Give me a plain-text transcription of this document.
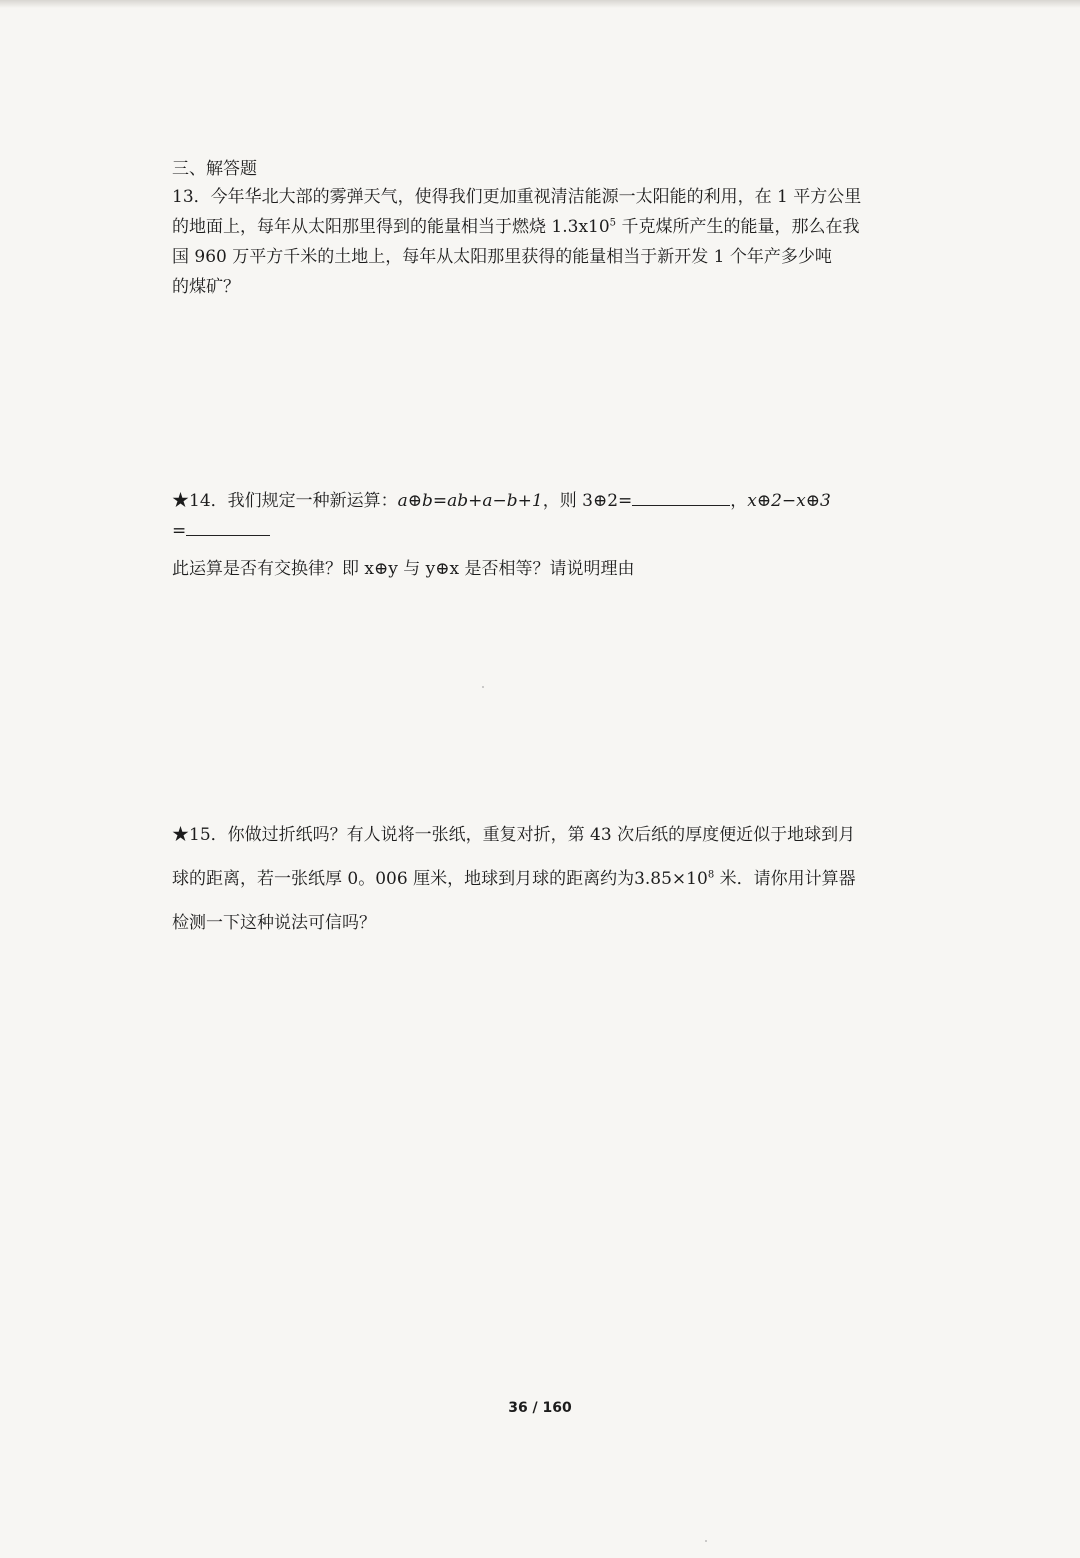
三、解答题
13．今年华北大部的雾弹天气，使得我们更加重视清洁能源一太阳能的利用，在 1 平方公里
的地面上，每年从太阳那里得到的能量相当于燃烧 $1.3x10^5$ 千克煤所产生的能量，那么在我
国 960 万平方千米的土地上，每年从太阳那里获得的能量相当于新开发 1 个年产多少吨
的煤矿？
★14．我们规定一种新运算：a⊕b=ab+a−b+1，则 3⊕2=	，x⊕2−x⊕3
=
此运算是否有交换律？即 x⊕y 与 y⊕x 是否相等？请说明理由
★15．你做过折纸吗？有人说将一张纸，重复对折，第 43 次后纸的厚度便近似于地球到月
球的距离，若一张纸厚 0。006 厘米，地球到月球的距离约为$3.85\times 10^8$ 米．请你用计算器
检测一下这种说法可信吗？
36 / 160
